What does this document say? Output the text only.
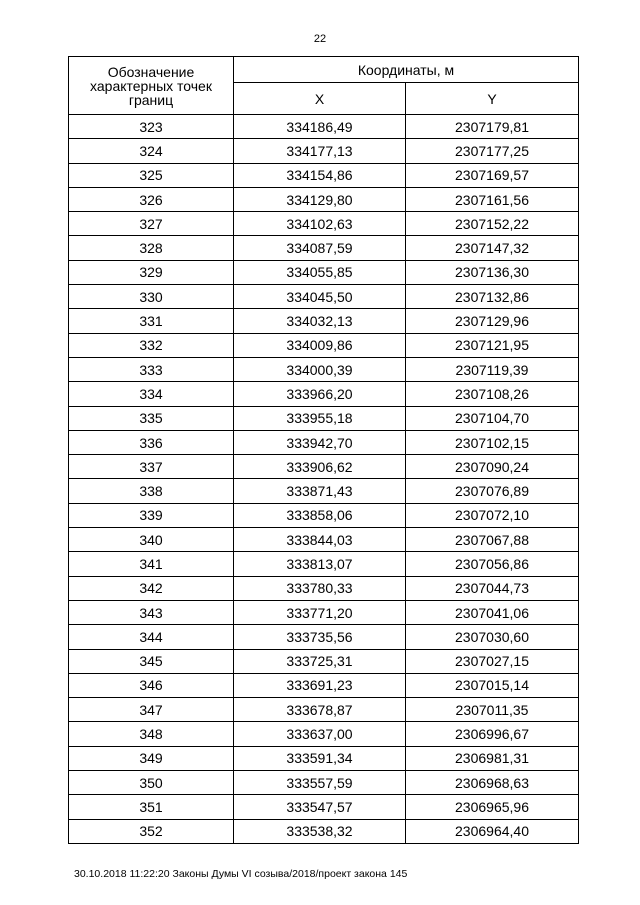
22
Обозначение характерных точек границ	Координаты, м	
	X	Y
323	334186,49	2307179,81
324	334177,13	2307177,25
325	334154,86	2307169,57
326	334129,80	2307161,56
327	334102,63	2307152,22
328	334087,59	2307147,32
329	334055,85	2307136,30
330	334045,50	2307132,86
331	334032,13	2307129,96
332	334009,86	2307121,95
333	334000,39	2307119,39
334	333966,20	2307108,26
335	333955,18	2307104,70
336	333942,70	2307102,15
337	333906,62	2307090,24
338	333871,43	2307076,89
339	333858,06	2307072,10
340	333844,03	2307067,88
341	333813,07	2307056,86
342	333780,33	2307044,73
343	333771,20	2307041,06
344	333735,56	2307030,60
345	333725,31	2307027,15
346	333691,23	2307015,14
347	333678,87	2307011,35
348	333637,00	2306996,67
349	333591,34	2306981,31
350	333557,59	2306968,63
351	333547,57	2306965,96
352	333538,32	2306964,40
30.10.2018 11:22:20 Законы Думы VI созыва/2018/проект закона 145
